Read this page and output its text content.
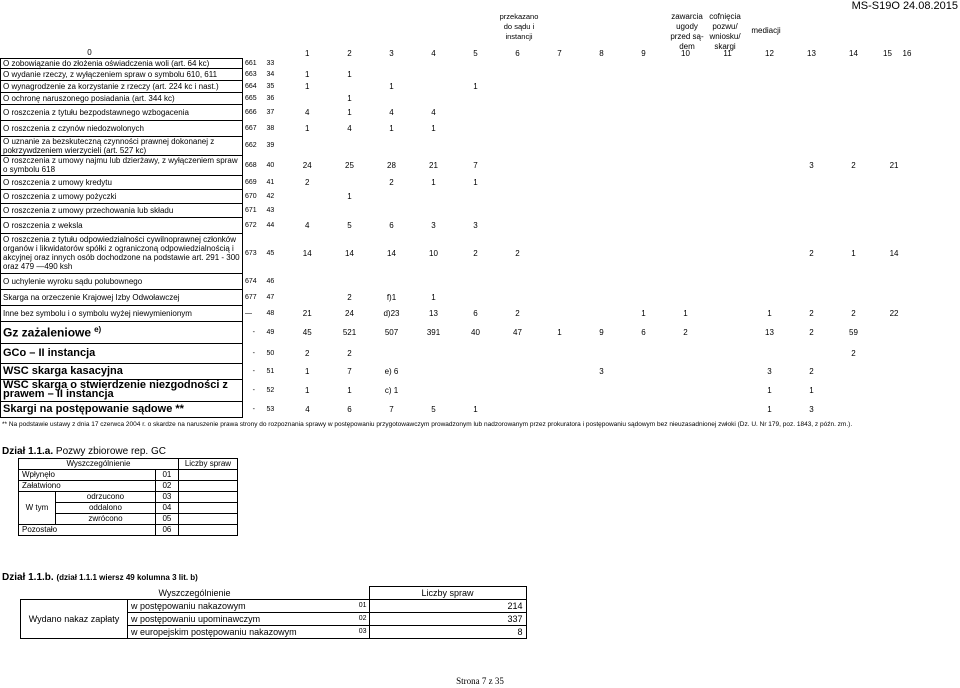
MS-S19O 24.08.2015
przekazano
do sądu i
instancji
zawarcia
ugody
przed są-
dem
cofnięcia
pozwu/
wniosku/
skargi
mediacji
0			1	2	3	4	5	6	7	8	9	10	11	12	13	14	15	16
O zobowiązanie do złożenia oświadczenia woli (art. 64 kc)	661	33																
O wydanie rzeczy, z wyłączeniem spraw o symbolu 610, 611	663	34	1	1														
O wynagrodzenie za korzystanie z rzeczy (art. 224 kc i nast.)	664	35	1		1		1											
O ochronę naruszonego posiadania (art. 344 kc)	665	36		1														
O roszczenia z tytułu bezpodstawnego wzbogacenia	666	37	4	1	4	4												
O roszczenia z czynów niedozwolonych	667	38	1	4	1	1												
O uznanie za bezskuteczną czynności prawnej dokonanej z pokrzywdzeniem wierzycieli (art. 527 kc)	662	39																
O roszczenia z umowy najmu lub dzierżawy, z wyłączeniem spraw o symbolu 618	668	40	24	25	28	21	7								3	2	21	
O roszczenia z umowy kredytu	669	41	2		2	1	1											
O roszczenia z umowy pożyczki	670	42		1														
O roszczenia z umowy przechowania lub składu	671	43																
O roszczenia z weksla	672	44	4	5	6	3	3											
O roszczenia z tytułu odpowiedzialności cywilnoprawnej członków organów i likwidatorów spółki z ograniczoną odpowiedzialnością i akcyjnej oraz innych osób dochodzone na podstawie art. 291 - 300 oraz 479 —490 ksh	673	45	14	14	14	10	2	2							2	1	14	
O uchylenie wyroku sądu polubownego	674	46																
Skarga na orzeczenie Krajowej Izby Odwoławczej	677	47		2	f)1	1												
Inne bez symbolu i o symbolu wyżej niewymienionym	—	48	21	24	d)23	13	6	2			1	1		1	2	2	22	
Gz zażaleniowe $^{e)}$	-	49	45	521	507	391	40	47	1	9	6	2		13	2	59		
GCo – II instancja	-	50	2	2												2		
WSC skarga kasacyjna	-	51	1	7	e) 6					3				3	2			
WSC skarga o stwierdzenie niezgodności z prawem – II instancja	-	52	1	1	c) 1									1	1			
Skargi na postępowanie sądowe **	-	53	4	6	7	5	1							1	3			
** Na podstawie ustawy z dnia 17 czerwca 2004 r. o skardze na naruszenie prawa strony do rozpoznania sprawy w postępowaniu przygotowawczym prowadzonym lub nadzorowanym przez prokuratora i postępowaniu sądowym bez nieuzasadnionej zwłoki (Dz. U. Nr 179, poz. 1843, z późn. zm.).
Dział 1.1.a. Pozwy zbiorowe rep. GC
Wyszczególnienie			Liczby spraw
Wpłynęło		01	
Załatwiono		02	
W tym	odrzucono	03	
	oddalono	04	
	zwrócono	05	
Pozostało		06	
Dział 1.1.b. (dział 1.1.1 wiersz 49 kolumna 3 lit. b)
Wyszczególnienie		Liczby spraw
Wydano nakaz zapłaty	w postępowaniu nakazowym 01	214
	w postępowaniu upominawczym 02	337
	w europejskim postępowaniu nakazowym 03	8
Strona 7 z 35
